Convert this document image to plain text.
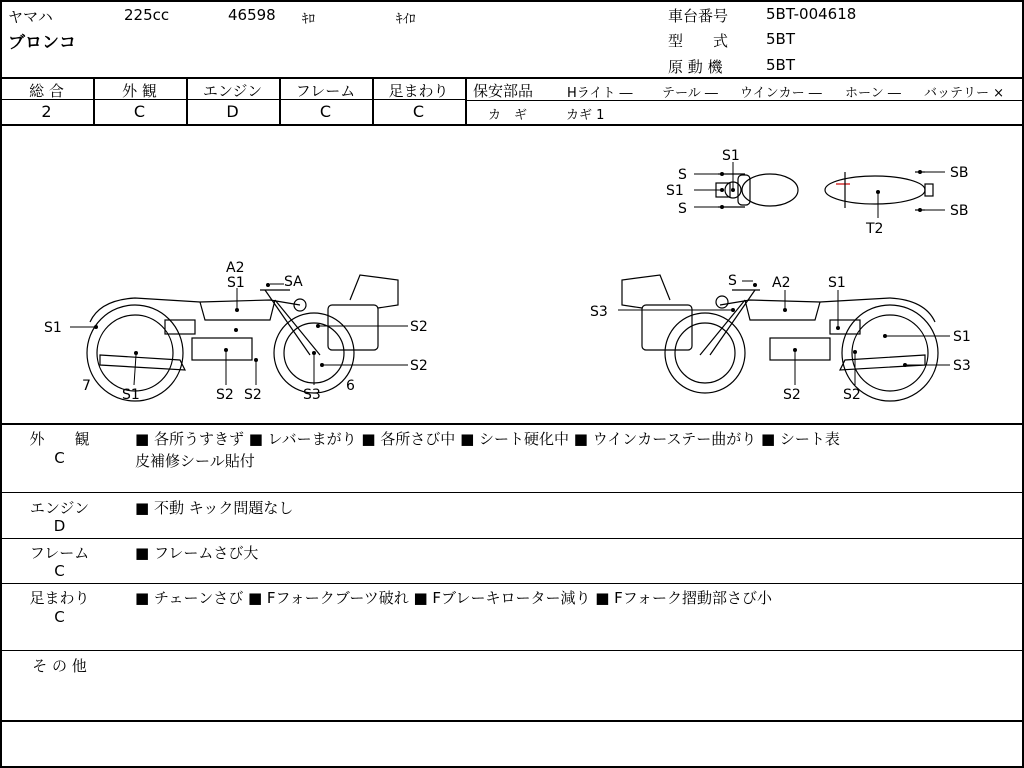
ヤマハ
ブロンコ
225cc	46598 ｷﾛ	ｷｲﾛ	車台番号	5BT-004618
型　　式	5BT
原 動 機	5BT
総 合	外 観	エンジン	フレーム	足まわり
2	C	D	C	C
保安部品	Hライト ― テール ― ウインカー ― ホーン ― バッテリー ×
カ　ギ	カギ 1
S1
S
S1
S
SB
SB
T2
A2
S1	SA
S1	S2
S2
7
S1	S2 S2	S3
6
S	A2	S1
S3
S1
S3
S2	S2
外　　観
C
■ 各所うすきず ■ レバーまがり ■ 各所さび中 ■ シート硬化中 ■ ウインカーステー曲がり ■ シート表
皮補修シール貼付
エンジン
D
■ 不動 キック問題なし
フレーム
C
■ フレームさび大
足まわり
C
■ チェーンさび ■ Fフォークブーツ破れ ■ Fブレーキローター減り ■ Fフォーク摺動部さび小
そ の 他
